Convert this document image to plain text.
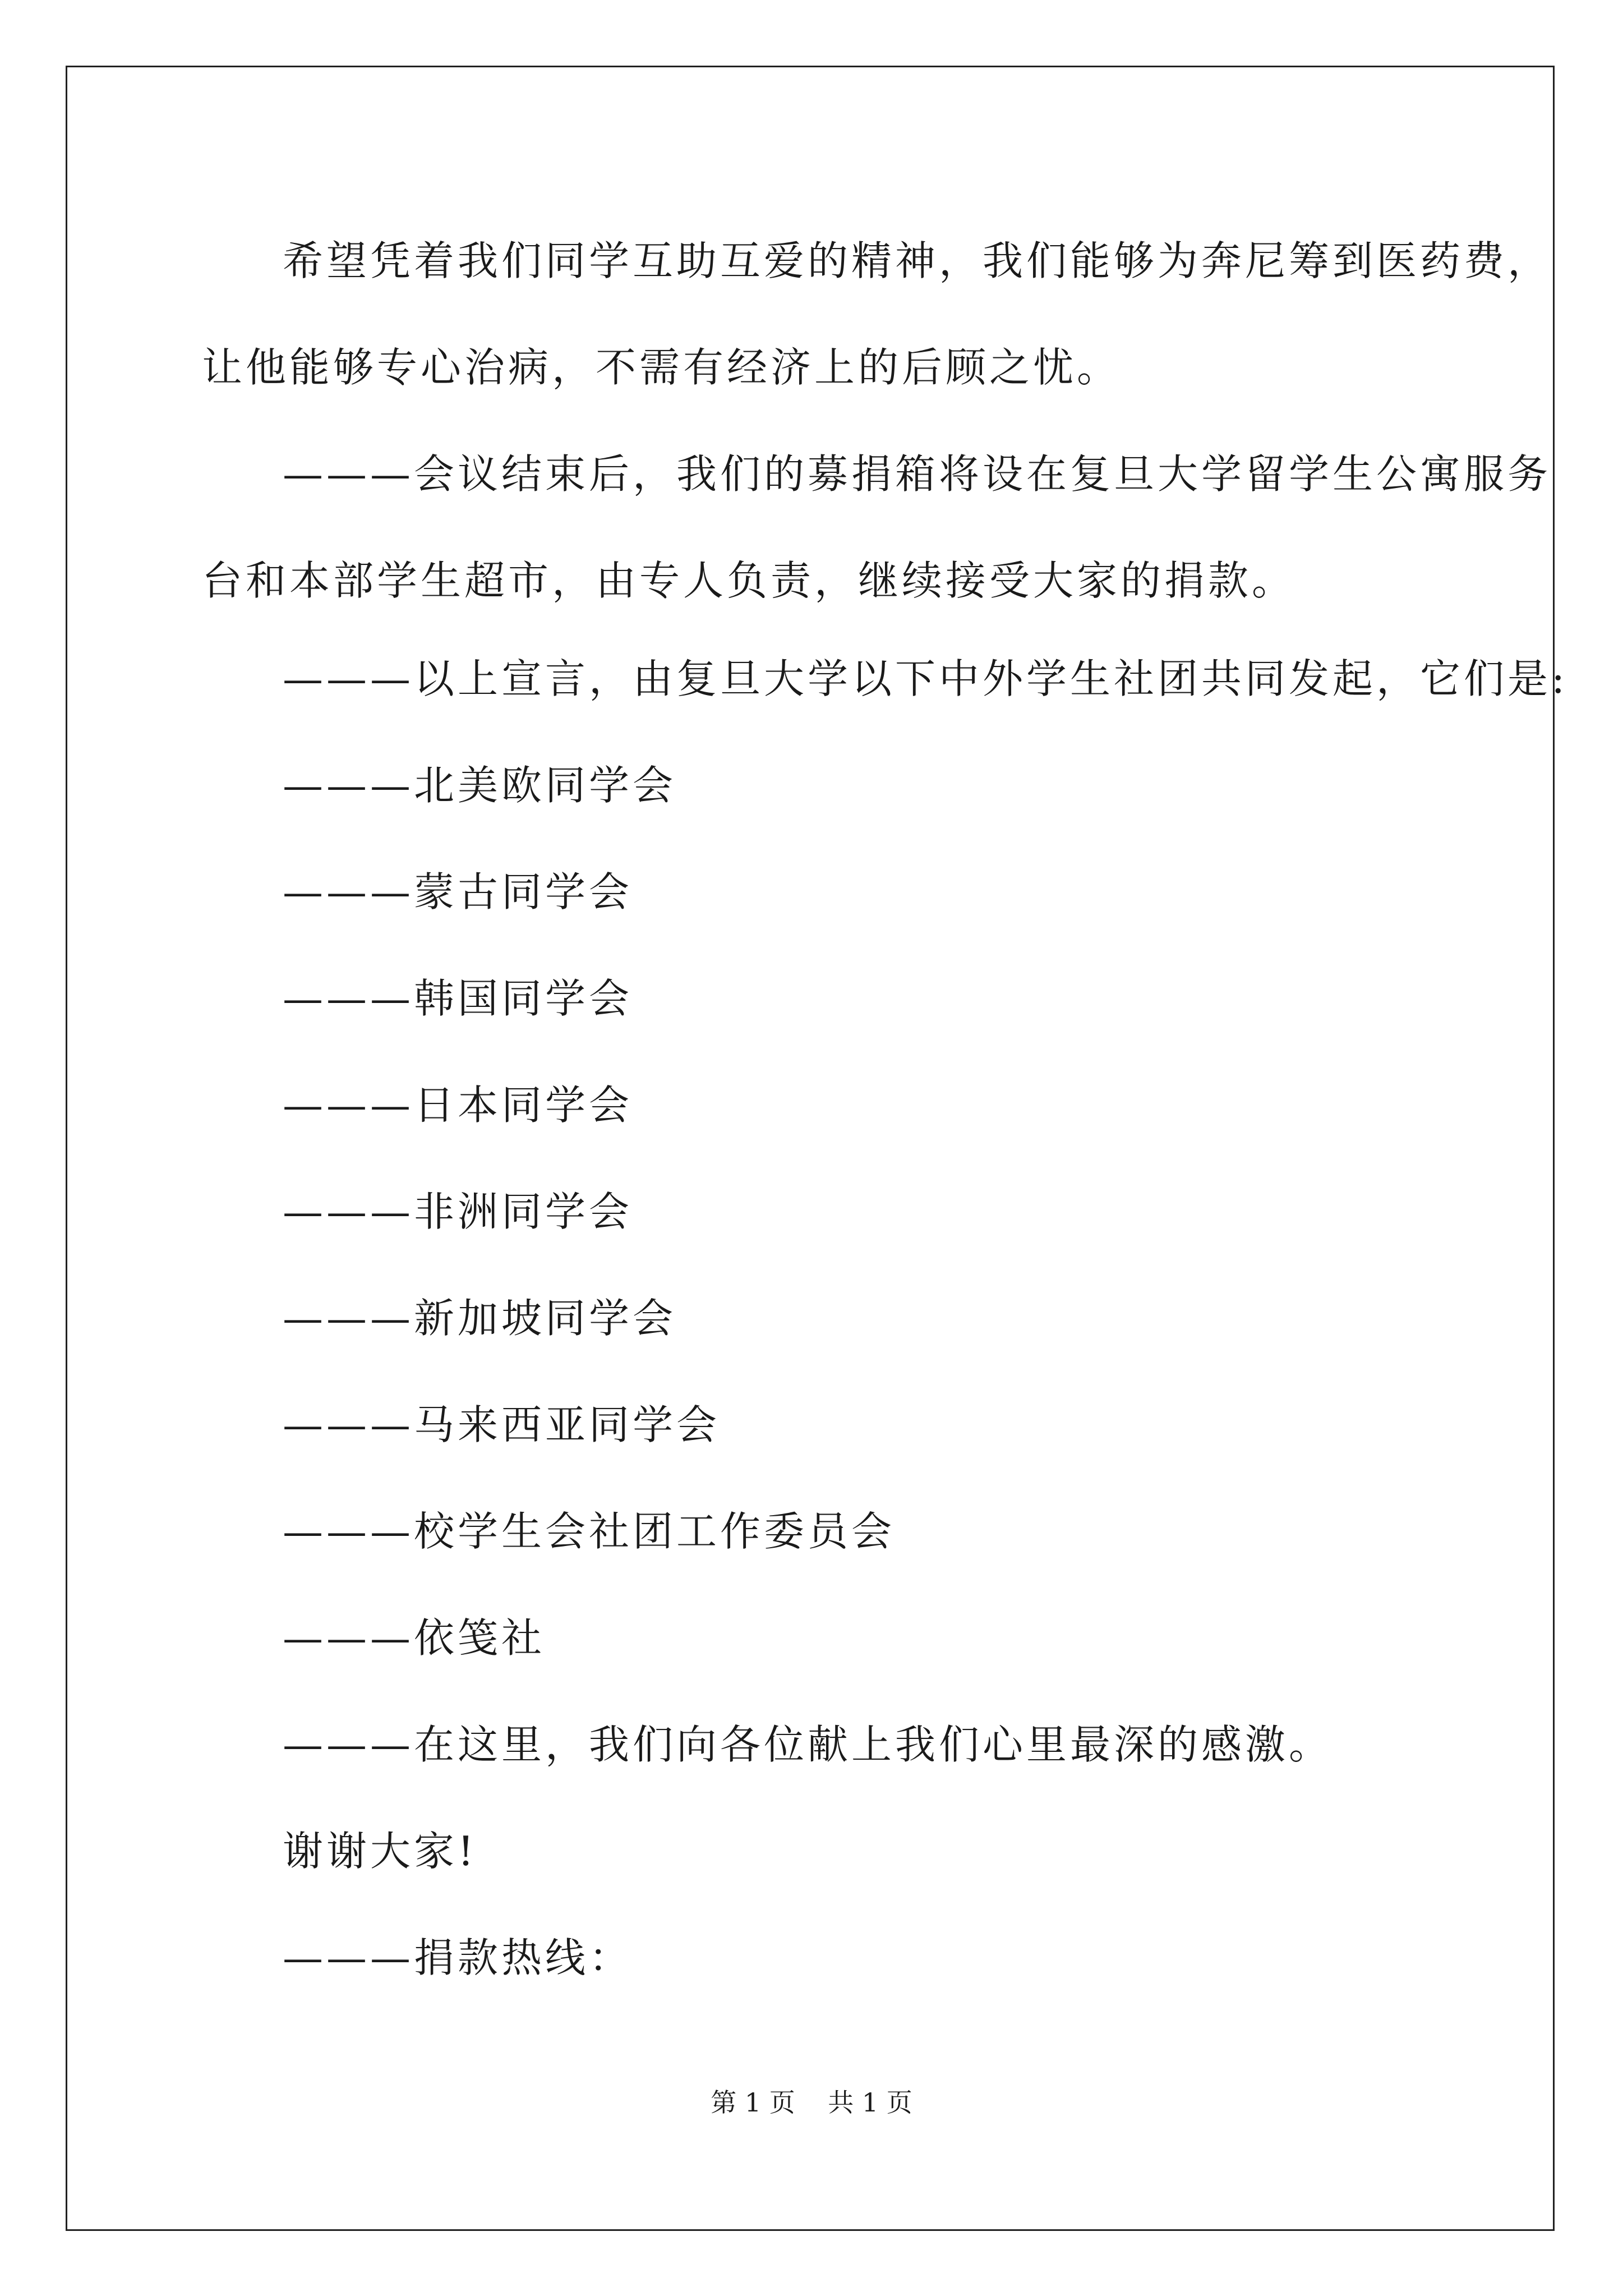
希望凭着我们同学互助互爱的精神，我们能够为奔尼筹到医药费，

让他能够专心治病，不需有经济上的后顾之忧。

———会议结束后，我们的募捐箱将设在复旦大学留学生公寓服务

台和本部学生超市，由专人负责，继续接受大家的捐款。

———以上宣言，由复旦大学以下中外学生社团共同发起，它们是:

———北美欧同学会

———蒙古同学会

———韩国同学会

———日本同学会

———非洲同学会

———新加坡同学会

———马来西亚同学会

———校学生会社团工作委员会

———依笺社

———在这里，我们向各位献上我们心里最深的感激。

谢谢大家!

———捐款热线：

第 1 页    共 1 页
